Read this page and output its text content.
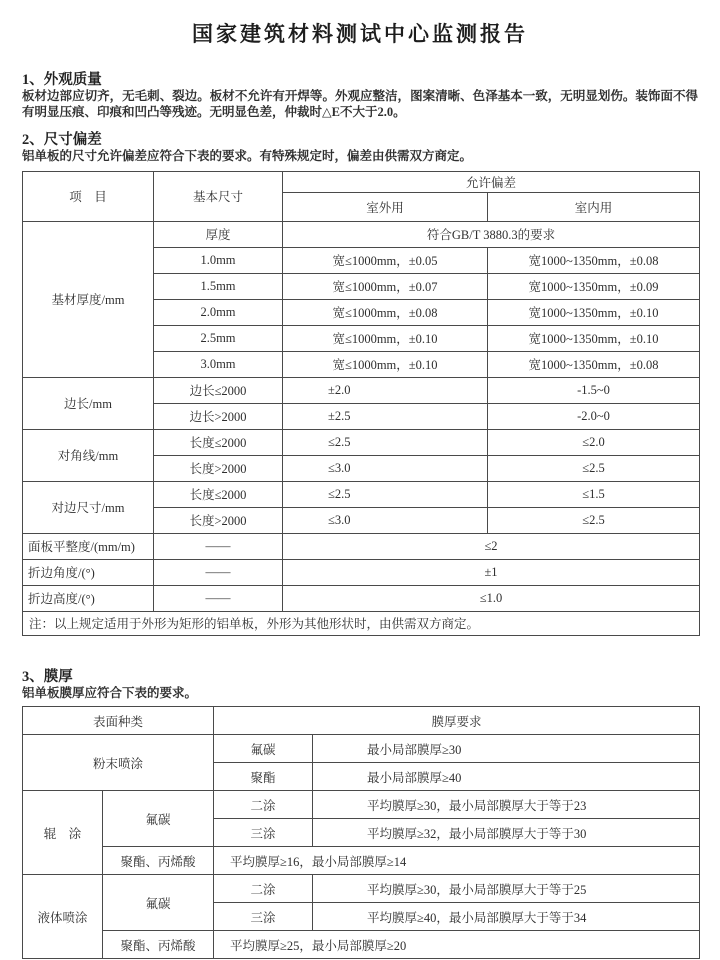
国家建筑材料测试中心监测报告
1、外观质量
板材边部应切齐，无毛刺、裂边。板材不允许有开焊等。外观应整洁，图案清晰、色泽基本一致，无明显划伤。装饰面不得有明显压痕、印痕和凹凸等残迹。无明显色差，仲裁时△E不大于2.0。
2、尺寸偏差
铝单板的尺寸允许偏差应符合下表的要求。有特殊规定时，偏差由供需双方商定。
项　目	基本尺寸	允许偏差	
		室外用	室内用
基材厚度/mm	厚度	符合GB/T 3880.3的要求	
	1.0mm	宽≤1000mm，±0.05	宽1000~1350mm，±0.08
	1.5mm	宽≤1000mm，±0.07	宽1000~1350mm，±0.09
	2.0mm	宽≤1000mm，±0.08	宽1000~1350mm，±0.10
	2.5mm	宽≤1000mm，±0.10	宽1000~1350mm，±0.10
	3.0mm	宽≤1000mm，±0.10	宽1000~1350mm，±0.08
边长/mm	边长≤2000	±2.0	-1.5~0
	边长>2000	±2.5	-2.0~0
对角线/mm	长度≤2000	≤2.5	≤2.0
	长度>2000	≤3.0	≤2.5
对边尺寸/mm	长度≤2000	≤2.5	≤1.5
	长度>2000	≤3.0	≤2.5
面板平整度/(mm/m)	——	≤2	
折边角度/(°)	——	±1	
折边高度/(°)	——	≤1.0	
注：以上规定适用于外形为矩形的铝单板，外形为其他形状时，由供需双方商定。			
3、膜厚
铝单板膜厚应符合下表的要求。
表面种类		膜厚要求	
粉末喷涂		氟碳	最小局部膜厚≥30
		聚酯	最小局部膜厚≥40
辊　涂	氟碳	二涂	平均膜厚≥30，最小局部膜厚大于等于23
		三涂	平均膜厚≥32，最小局部膜厚大于等于30
	聚酯、丙烯酸	平均膜厚≥16，最小局部膜厚≥14	
液体喷涂	氟碳	二涂	平均膜厚≥30，最小局部膜厚大于等于25
		三涂	平均膜厚≥40，最小局部膜厚大于等于34
	聚酯、丙烯酸	平均膜厚≥25，最小局部膜厚≥20	
